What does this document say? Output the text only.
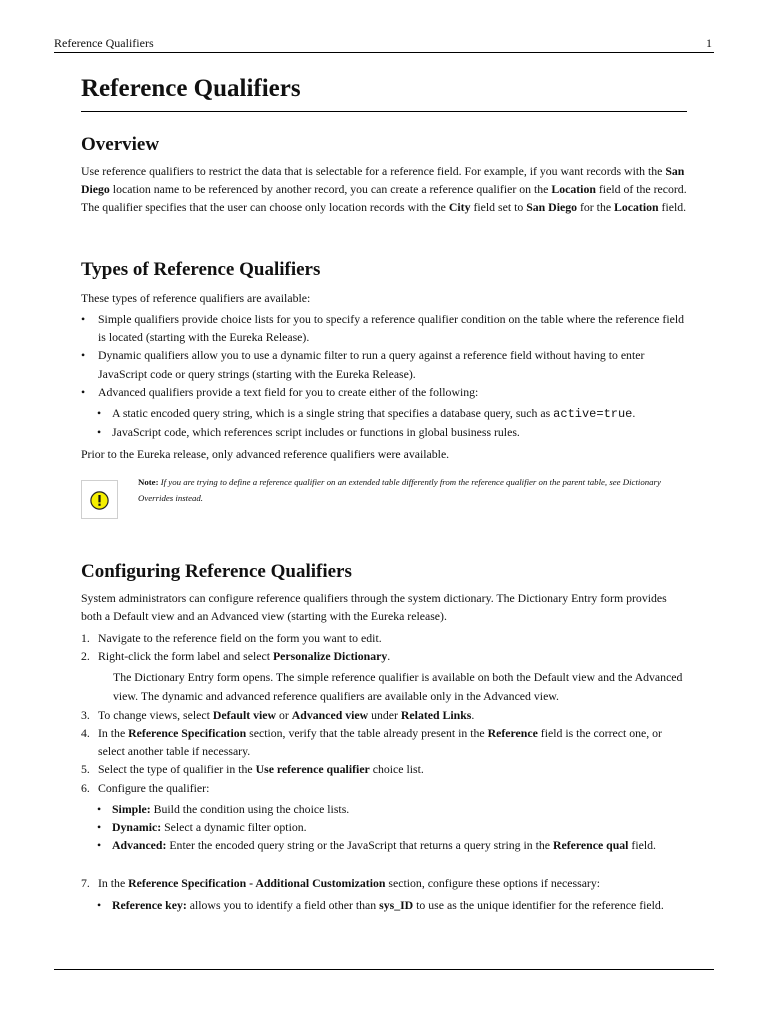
Reference Qualifiers	1
Reference Qualifiers
Overview

Use reference qualifiers to restrict the data that is selectable for a reference field. For example, if you want records with the San Diego location name to be referenced by another record, you can create a reference qualifier on the Location field of the record. The qualifier specifies that the user can choose only location records with the City field set to San Diego for the Location field.

Types of Reference Qualifiers

These types of reference qualifiers are available:

• Simple qualifiers provide choice lists for you to specify a reference qualifier condition on the table where the reference field is located (starting with the Eureka Release).
• Dynamic qualifiers allow you to use a dynamic filter to run a query against a reference field without having to enter JavaScript code or query strings (starting with the Eureka Release).
• Advanced qualifiers provide a text field for you to create either of the following:
• A static encoded query string, which is a single string that specifies a database query, such as active=true.
• JavaScript code, which references script includes or functions in global business rules.

Prior to the Eureka release, only advanced reference qualifiers were available.

Note: If you are trying to define a reference qualifier on an extended table differently from the reference qualifier on the parent table, see Dictionary Overrides instead.

Configuring Reference Qualifiers

System administrators can configure reference qualifiers through the system dictionary. The Dictionary Entry form provides both a Default view and an Advanced view (starting with the Eureka release).

1. Navigate to the reference field on the form you want to edit.
2. Right-click the form label and select Personalize Dictionary.
The Dictionary Entry form opens. The simple reference qualifier is available on both the Default view and the Advanced view. The dynamic and advanced reference qualifiers are available only in the Advanced view.
3. To change views, select Default view or Advanced view under Related Links.
4. In the Reference Specification section, verify that the table already present in the Reference field is the correct one, or select another table if necessary.
5. Select the type of qualifier in the Use reference qualifier choice list.
6. Configure the qualifier:
• Simple: Build the condition using the choice lists.
• Dynamic: Select a dynamic filter option.
• Advanced: Enter the encoded query string or the JavaScript that returns a query string in the Reference qual field.
7. In the Reference Specification - Additional Customization section, configure these options if necessary:
• Reference key: allows you to identify a field other than sys_ID to use as the unique identifier for the reference field.
